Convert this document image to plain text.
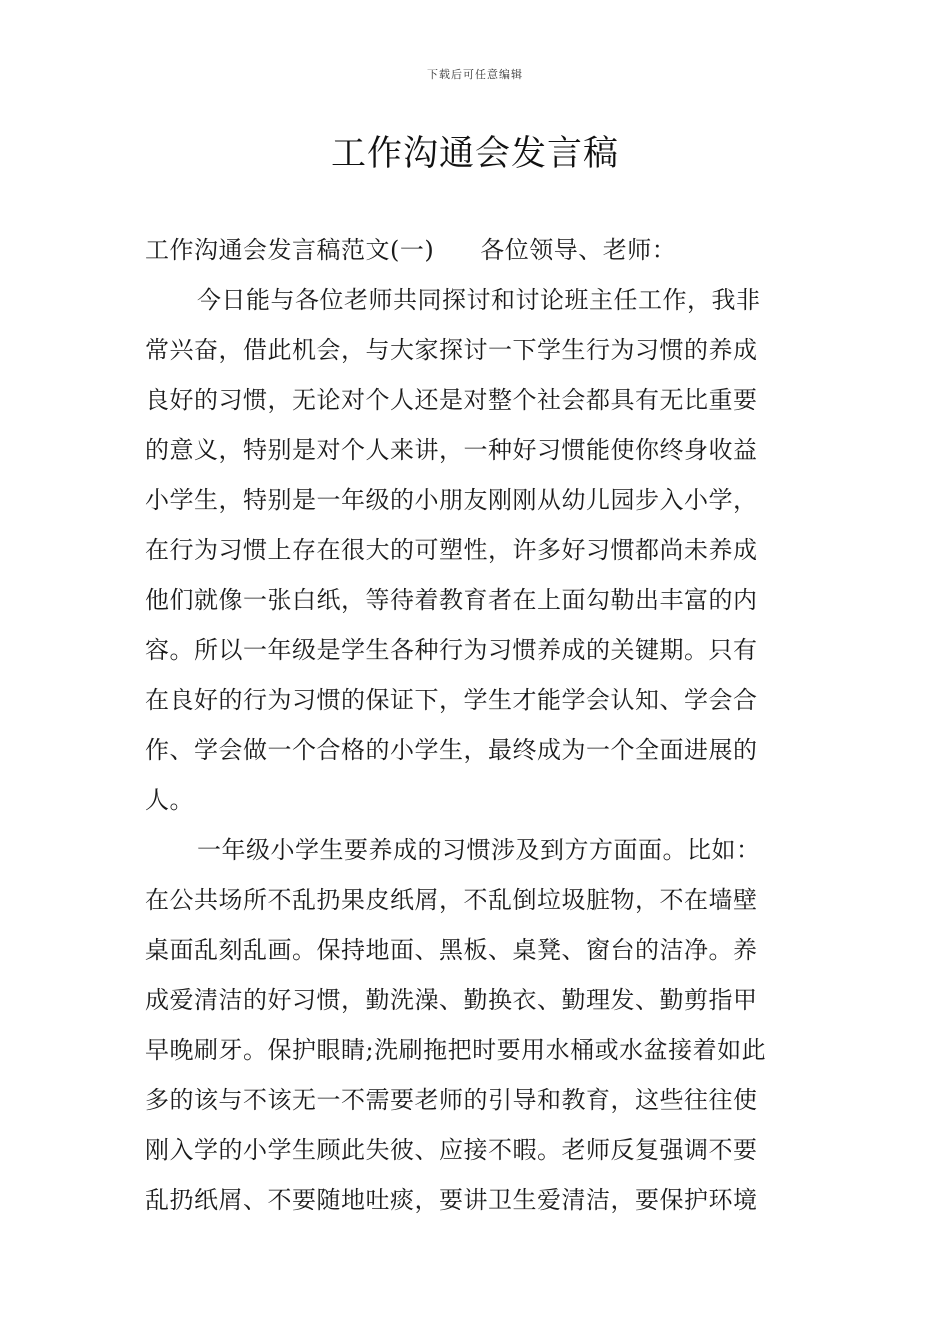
下载后可任意编辑
工作沟通会发言稿
工作沟通会发言稿范文(一) 各位领导、老师：
今日能与各位老师共同探讨和讨论班主任工作，我非
常兴奋，借此机会，与大家探讨一下学生行为习惯的养成
良好的习惯，无论对个人还是对整个社会都具有无比重要
的意义，特别是对个人来讲，一种好习惯能使你终身收益
小学生，特别是一年级的小朋友刚刚从幼儿园步入小学，
在行为习惯上存在很大的可塑性，许多好习惯都尚未养成
他们就像一张白纸，等待着教育者在上面勾勒出丰富的内
容。所以一年级是学生各种行为习惯养成的关键期。只有
在良好的行为习惯的保证下，学生才能学会认知、学会合
作、学会做一个合格的小学生，最终成为一个全面进展的
人。
一年级小学生要养成的习惯涉及到方方面面。比如：
在公共场所不乱扔果皮纸屑，不乱倒垃圾脏物，不在墙壁
桌面乱刻乱画。保持地面、黑板、桌凳、窗台的洁净。养
成爱清洁的好习惯，勤洗澡、勤换衣、勤理发、勤剪指甲
早晚刷牙。保护眼睛;洗刷拖把时要用水桶或水盆接着如此
多的该与不该无一不需要老师的引导和教育，这些往往使
刚入学的小学生顾此失彼、应接不暇。老师反复强调不要
乱扔纸屑、不要随地吐痰，要讲卫生爱清洁，要保护环境
